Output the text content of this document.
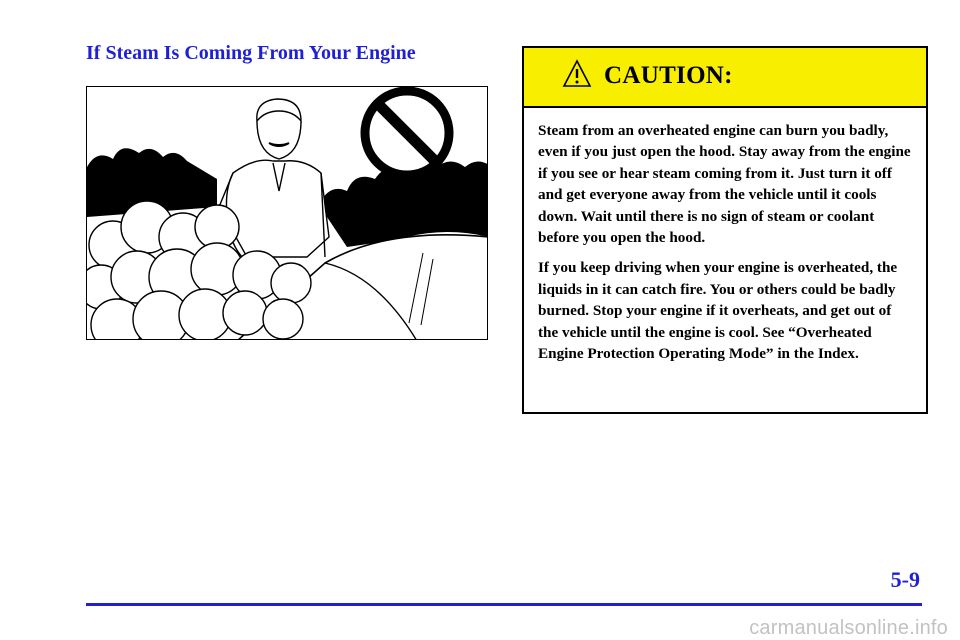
If Steam Is Coming From Your Engine
CAUTION:

Steam from an overheated engine can burn you badly, even if you just open the hood. Stay away from the engine if you see or hear steam coming from it. Just turn it off and get everyone away from the vehicle until it cools down. Wait until there is no sign of steam or coolant before you open the hood.

If you keep driving when your engine is overheated, the liquids in it can catch fire. You or others could be badly burned. Stop your engine if it overheats, and get out of the vehicle until the engine is cool. See “Overheated Engine Protection Operating Mode” in the Index.

5-9
carmanualsonline.info
